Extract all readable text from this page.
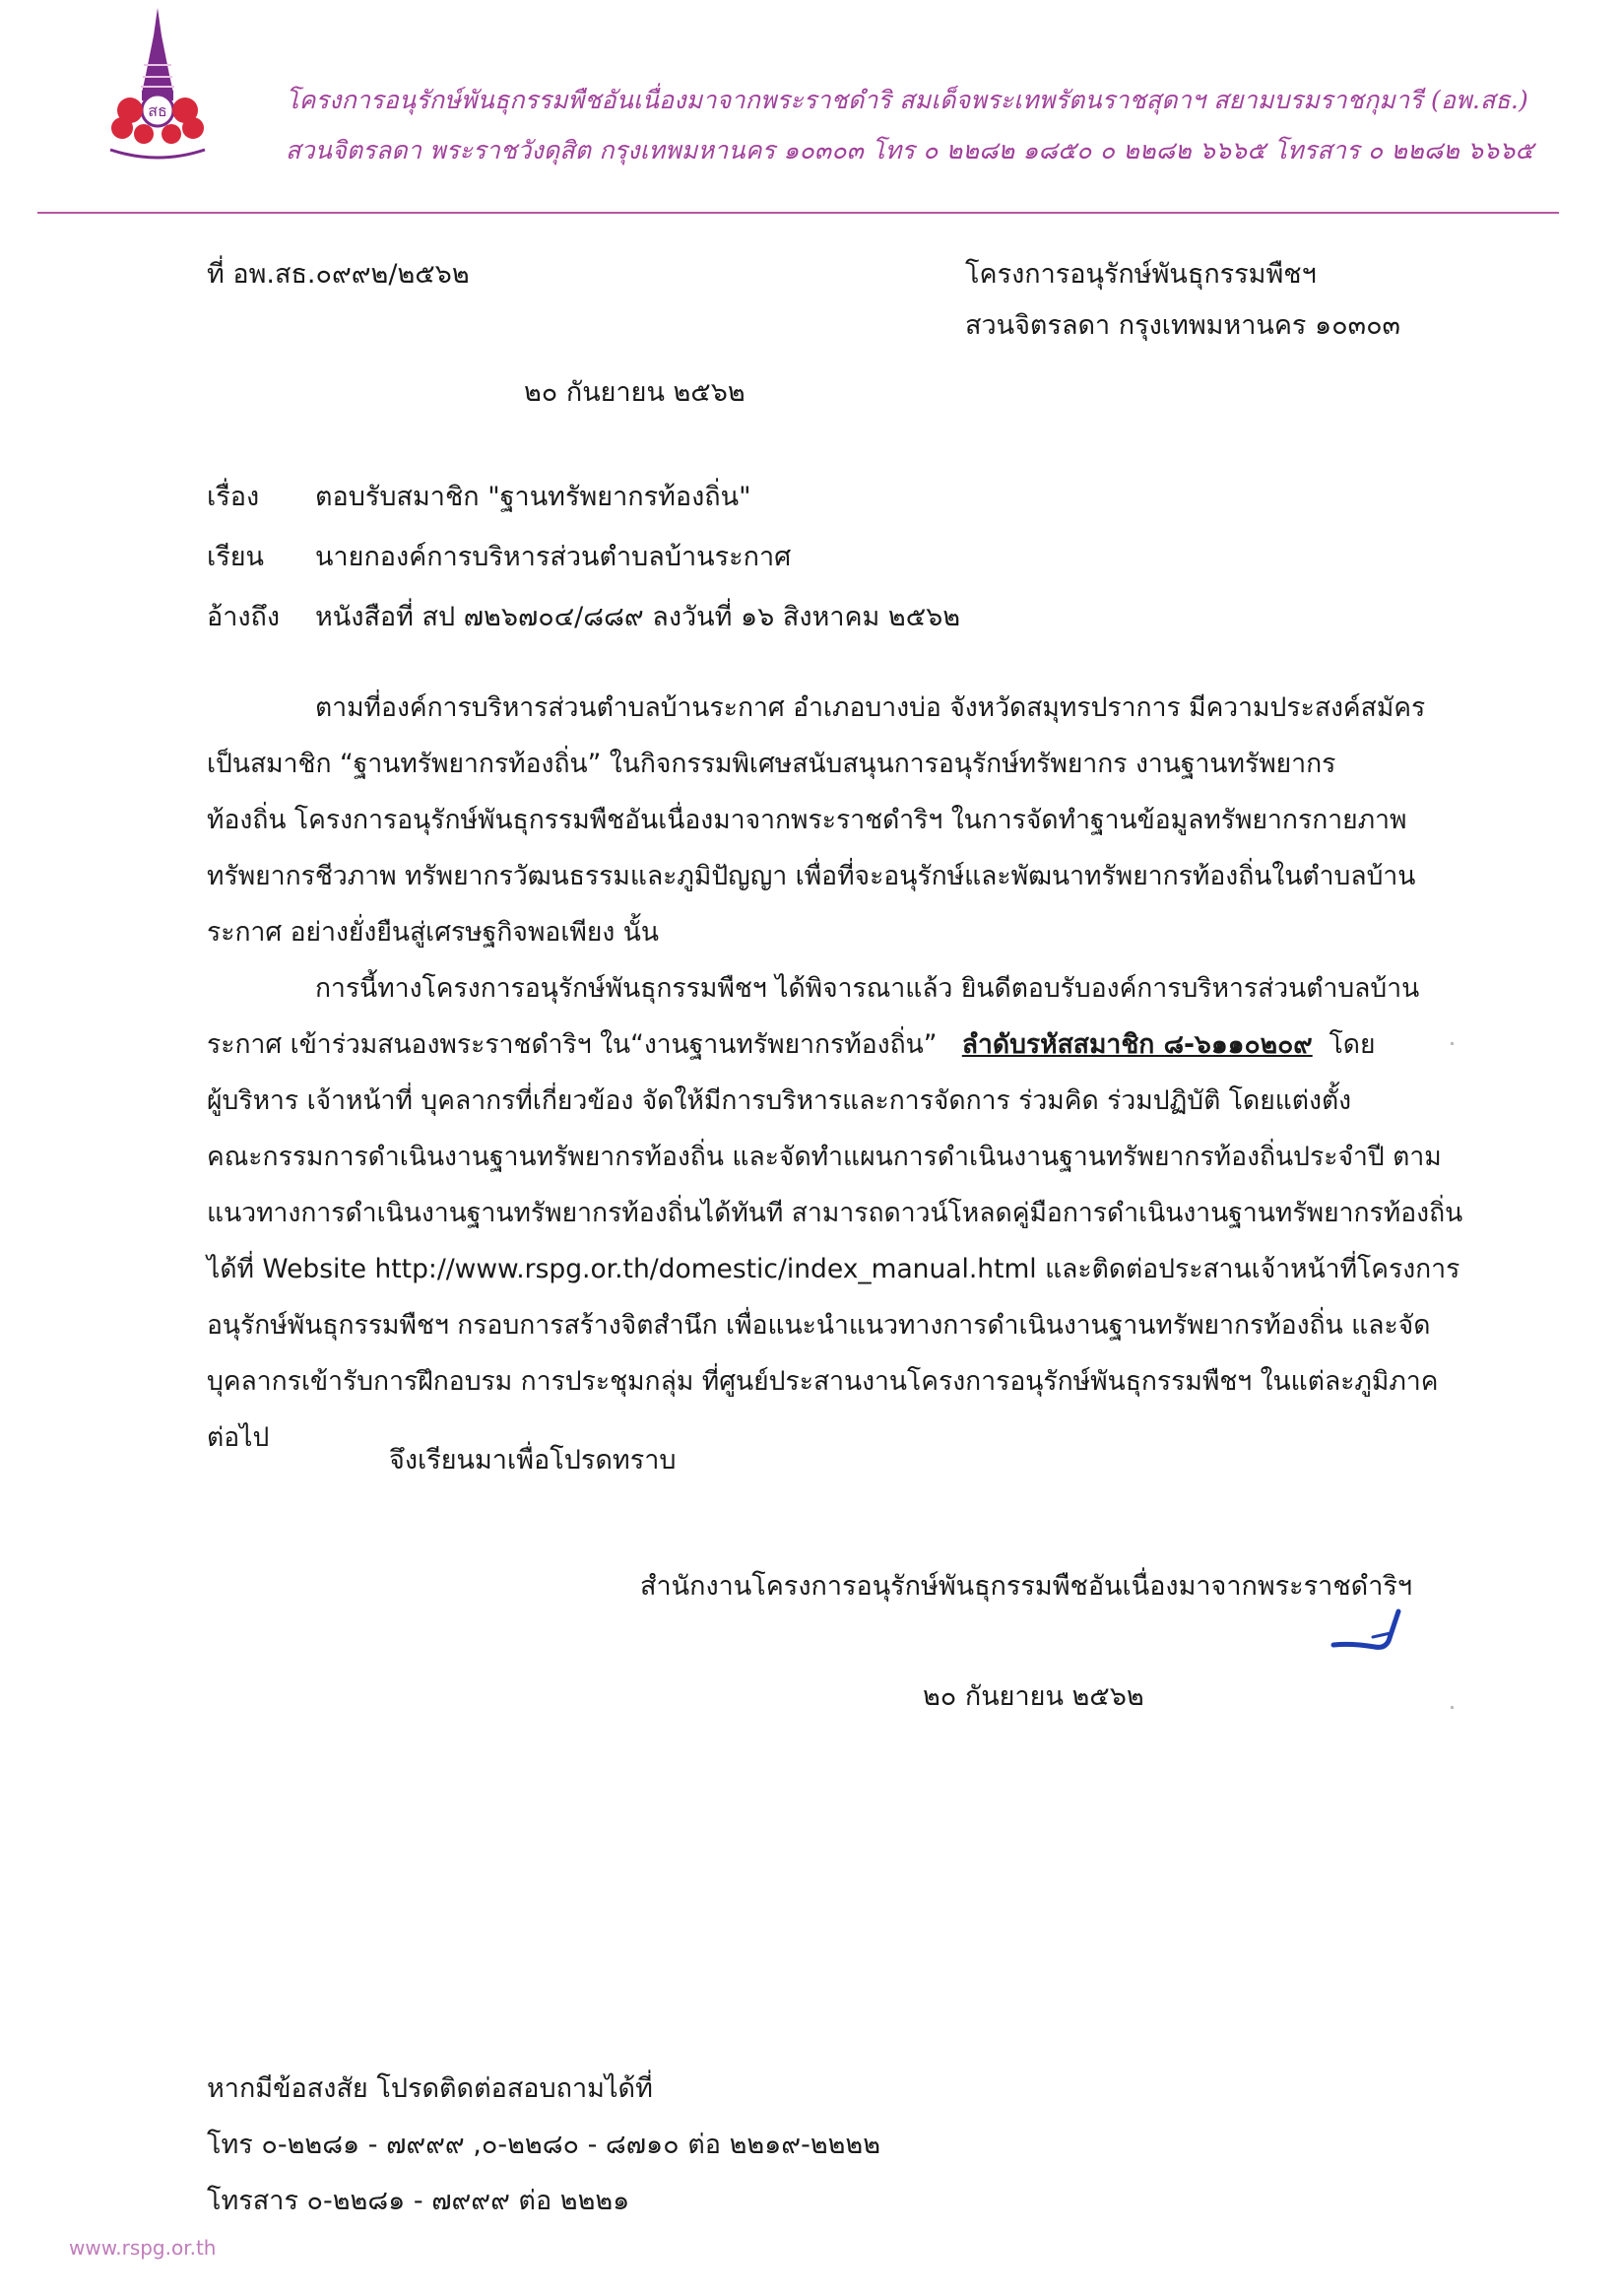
สธ	โครงการอนุรักษ์พันธุกรรมพืชอันเนื่องมาจากพระราชดำริ สมเด็จพระเทพรัตนราชสุดาฯ สยามบรมราชกุมารี (อพ.สธ.)
สวนจิตรลดา พระราชวังดุสิต กรุงเทพมหานคร ๑๐๓๐๓ โทร ๐ ๒๒๘๒ ๑๘๕๐ ๐ ๒๒๘๒ ๖๖๖๕ โทรสาร ๐ ๒๒๘๒ ๖๖๖๕
ที่ อพ.สธ.๐๙๙๒/๒๕๖๒	โครงการอนุรักษ์พันธุกรรมพืชฯ
สวนจิตรลดา กรุงเทพมหานคร ๑๐๓๐๓
๒๐ กันยายน ๒๕๖๒
เรื่อง ตอบรับสมาชิก "ฐานทรัพยากรท้องถิ่น"
เรียน นายกองค์การบริหารส่วนตำบลบ้านระกาศ
อ้างถึง หนังสือที่ สป ๗๒๖๗๐๔/๘๘๙ ลงวันที่ ๑๖ สิงหาคม ๒๕๖๒
ตามที่องค์การบริหารส่วนตำบลบ้านระกาศ อำเภอบางบ่อ จังหวัดสมุทรปราการ มีความประสงค์สมัคร
เป็นสมาชิก “ฐานทรัพยากรท้องถิ่น” ในกิจกรรมพิเศษสนับสนุนการอนุรักษ์ทรัพยากร งานฐานทรัพยากร
ท้องถิ่น โครงการอนุรักษ์พันธุกรรมพืชอันเนื่องมาจากพระราชดำริฯ ในการจัดทำฐานข้อมูลทรัพยากรกายภาพ
ทรัพยากรชีวภาพ ทรัพยากรวัฒนธรรมและภูมิปัญญา เพื่อที่จะอนุรักษ์และพัฒนาทรัพยากรท้องถิ่นในตำบลบ้าน
ระกาศ อย่างยั่งยืนสู่เศรษฐกิจพอเพียง นั้น
การนี้ทางโครงการอนุรักษ์พันธุกรรมพืชฯ ได้พิจารณาแล้ว ยินดีตอบรับองค์การบริหารส่วนตำบลบ้าน
ระกาศ เข้าร่วมสนองพระราชดำริฯ ใน“งานฐานทรัพยากรท้องถิ่น” ลำดับรหัสสมาชิก ๘-๖๑๑๐๒๐๙ โดย
ผู้บริหาร เจ้าหน้าที่ บุคลากรที่เกี่ยวข้อง จัดให้มีการบริหารและการจัดการ ร่วมคิด ร่วมปฏิบัติ โดยแต่งตั้ง
คณะกรรมการดำเนินงานฐานทรัพยากรท้องถิ่น และจัดทำแผนการดำเนินงานฐานทรัพยากรท้องถิ่นประจำปี ตาม
แนวทางการดำเนินงานฐานทรัพยากรท้องถิ่นได้ทันที สามารถดาวน์โหลดคู่มือการดำเนินงานฐานทรัพยากรท้องถิ่น
ได้ที่ Website http://www.rspg.or.th/domestic/index_manual.html และติดต่อประสานเจ้าหน้าที่โครงการ
อนุรักษ์พันธุกรรมพืชฯ กรอบการสร้างจิตสำนึก เพื่อแนะนำแนวทางการดำเนินงานฐานทรัพยากรท้องถิ่น และจัด
บุคลากรเข้ารับการฝึกอบรม การประชุมกลุ่ม ที่ศูนย์ประสานงานโครงการอนุรักษ์พันธุกรรมพืชฯ ในแต่ละภูมิภาค
จึงเรียนมาเพื่อโปรดทราบ
สำนักงานโครงการอนุรักษ์พันธุกรรมพืชอันเนื่องมาจากพระราชดำริฯ
๒๐ กันยายน ๒๕๖๒
หากมีข้อสงสัย โปรดติดต่อสอบถามได้ที่
โทร ๐-๒๒๘๑ - ๗๙๙๙ ,๐-๒๒๘๐ - ๘๗๑๐ ต่อ ๒๒๑๙-๒๒๒๒
โทรสาร ๐-๒๒๘๑ - ๗๙๙๙ ต่อ ๒๒๒๑
www.rspg.or.th
ต่อไป
